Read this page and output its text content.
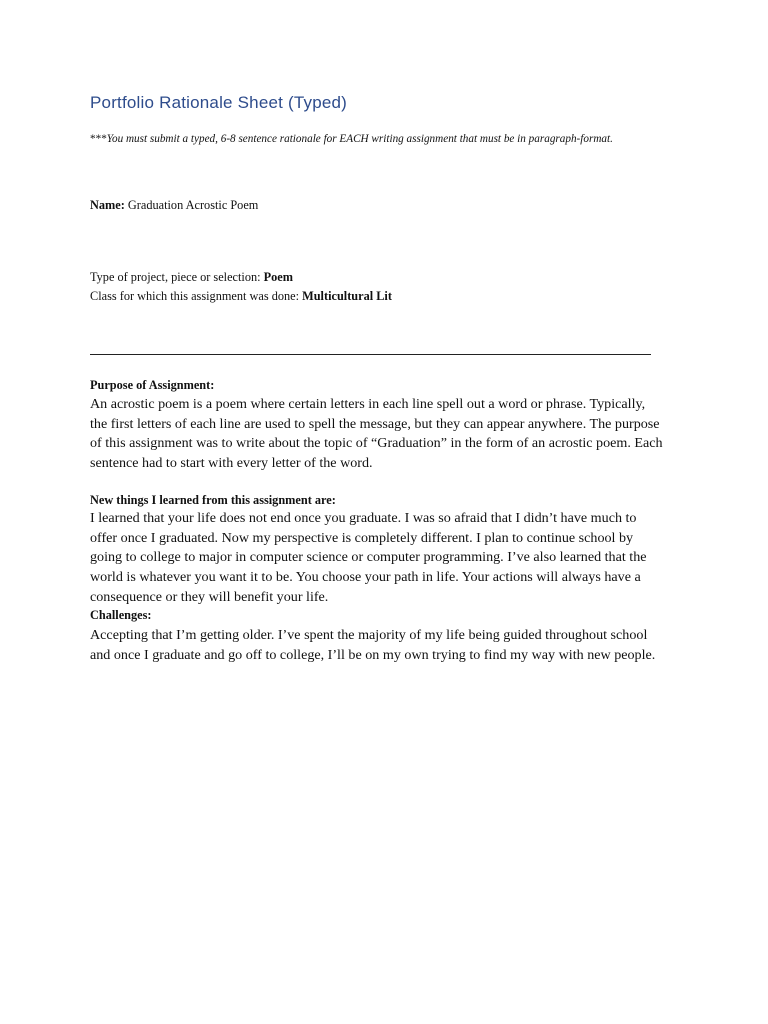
Portfolio Rationale Sheet (Typed)
***You must submit a typed, 6-8 sentence rationale for EACH writing assignment that must be in paragraph-format.
Name: Graduation Acrostic Poem
Type of project, piece or selection: Poem
Class for which this assignment was done: Multicultural Lit
Purpose of Assignment:
An acrostic poem is a poem where certain letters in each line spell out a word or phrase. Typically,
the first letters of each line are used to spell the message, but they can appear anywhere. The purpose
of this assignment was to write about the topic of “Graduation” in the form of an acrostic poem. Each
sentence had to start with every letter of the word.
New things I learned from this assignment are:
I learned that your life does not end once you graduate. I was so afraid that I didn’t have much to
offer once I graduated. Now my perspective is completely different. I plan to continue school by
going to college to major in computer science or computer programming. I’ve also learned that the
world is whatever you want it to be. You choose your path in life. Your actions will always have a
consequence or they will benefit your life.
Challenges:
Accepting that I’m getting older. I’ve spent the majority of my life being guided throughout school
and once I graduate and go off to college, I’ll be on my own trying to find my way with new people.
